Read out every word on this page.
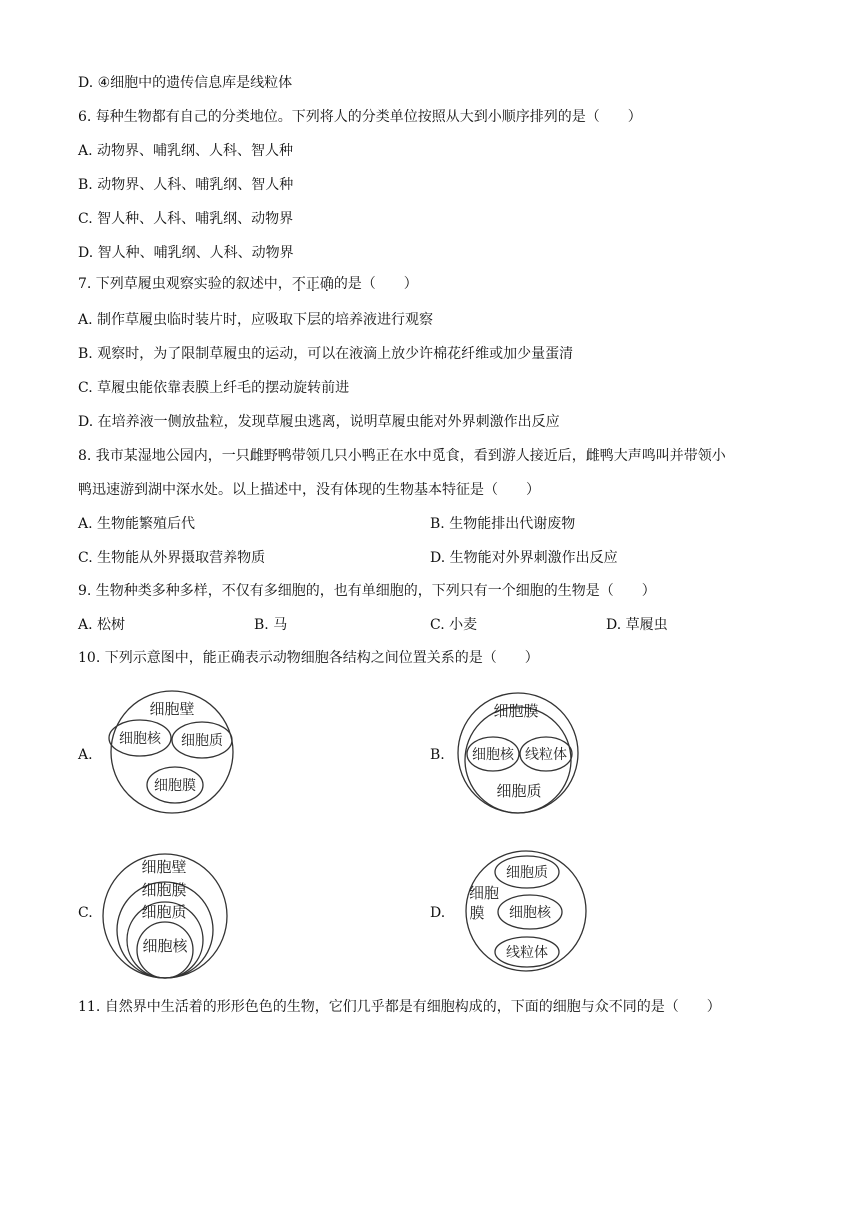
D. ④细胞中的遗传信息库是线粒体
6. 每种生物都有自己的分类地位。下列将人的分类单位按照从大到小顺序排列的是（　　）
A. 动物界、哺乳纲、人科、智人种
B. 动物界、人科、哺乳纲、智人种
C. 智人种、人科、哺乳纲、动物界
D. 智人种、哺乳纲、人科、动物界
7. 下列草履虫观察实验的叙述中，不正确的是（　　）
A. 制作草履虫临时装片时，应吸取下层的培养液进行观察
B. 观察时，为了限制草履虫的运动，可以在液滴上放少许棉花纤维或加少量蛋清
C. 草履虫能依靠表膜上纤毛的摆动旋转前进
D. 在培养液一侧放盐粒，发现草履虫逃离，说明草履虫能对外界刺激作出反应
8. 我市某湿地公园内，一只雌野鸭带领几只小鸭正在水中觅食，看到游人接近后，雌鸭大声鸣叫并带领小
鸭迅速游到湖中深水处。以上描述中，没有体现的生物基本特征是（　　）
A. 生物能繁殖后代	B. 生物能排出代谢废物
C. 生物能从外界摄取营养物质	D. 生物能对外界刺激作出反应
9. 生物种类多种多样，不仅有多细胞的，也有单细胞的，下列只有一个细胞的生物是（　　）
A. 松树	B. 马	C. 小麦	D. 草履虫
10. 下列示意图中，能正确表示动物细胞各结构之间位置关系的是（　　）
A.
细胞壁
细胞核 细胞质
细胞膜
B.
细胞膜
细胞核 线粒体
细胞质
C.
细胞壁
细胞膜
细胞质
细胞核
D.
细胞
膜
细胞质
细胞核
线粒体
11. 自然界中生活着的形形色色的生物，它们几乎都是有细胞构成的，下面的细胞与众不同的是（　　）
